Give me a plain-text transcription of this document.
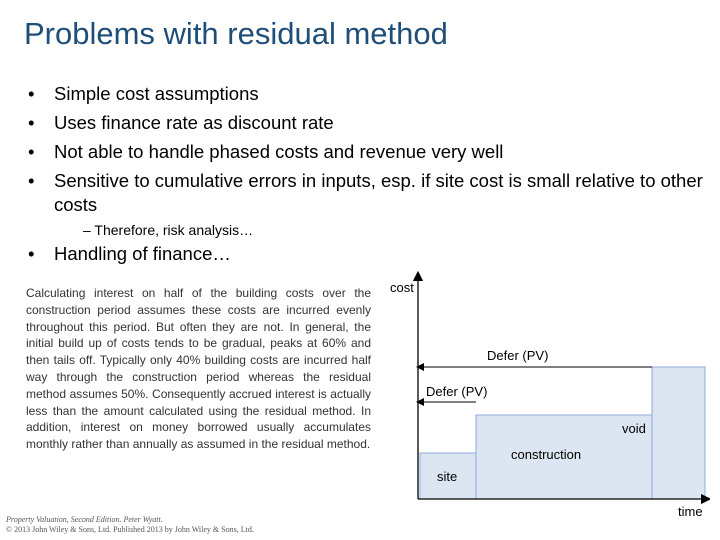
Problems with residual method
• Simple cost assumptions
• Uses finance rate as discount rate
• Not able to handle phased costs and revenue very well
• Sensitive to cumulative errors in inputs, esp. if site cost is small relative to other costs
– Therefore, risk analysis…
• Handling of finance…
Calculating interest on half of the building costs over the construction period assumes these costs are incurred evenly throughout this period. But often they are not. In general, the initial build up of costs tends to be gradual, peaks at 60% and then tails off. Typically only 40% building costs are incurred half way through the construction period whereas the residual method assumes 50%. Consequently accrued interest is actually less than the amount calculated using the residual method. In addition, interest on money borrowed usually accumulates monthly rather than annually as assumed in the residual method.
cost
time
Defer (PV)
Defer (PV)
void
construction
site
Property Valuation, Second Edition. Peter Wyatt.
© 2013 John Wiley & Sons, Ltd. Published 2013 by John Wiley & Sons, Ltd.
